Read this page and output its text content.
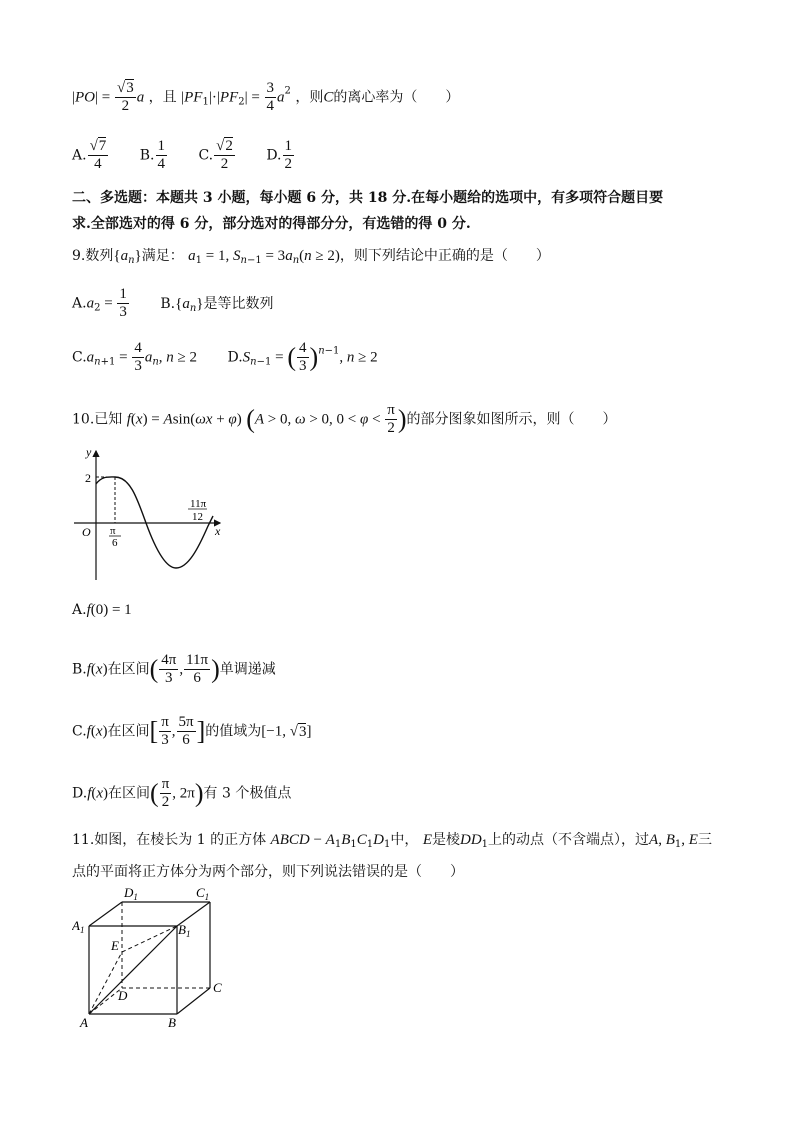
$|PO| = \frac{√3}{2}$ a ，且 $|PF_1|\cdot|PF_2| = \frac{3}{4} a^2$ ，则C的离心率为（　　）
A. $\frac{√7}{4} B$. $\frac{1}{4} C$. $\frac{√2}{2} D$. $\frac{1}{2}$
二、多选题：本题共 3 小题，每小题 6 分，共 18 分.在每小题给的选项中，有多项符合题目要
求.全部选对的得 6 分，部分选对的得部分分，有选错的得 0 分.
9.数列$\{a_n\}$满足： $a_1 = 1$, $S_{n-1} = 3a_n(n \ge 2)$，则下列结论中正确的是（　　）
$A.a_2 = \frac{1}{3} B.\{a_n\}$是等比数列
$C.a_{n+1} = \frac{4}{3} a_n$, n ≥ 2 $D.S_{n-1}$ = ( $\frac{4}{3} )^{n-1}$, n ≥ 2
10.已知 f(x) = Asin(ωx + φ) (A > 0, ω > 0, $0 < \varphi < \frac{\pi}{2}$ )的部分图象如图所示，则（　　）
y
x
O
2
π
6
11π
12
A.f(0) = 1
B.f(x)在区间( $\frac{4\pi}{3}$ , $\frac{11\pi}{6}$ )单调递减
C.f(x)在区间[ $\frac{\pi}{3}$ , $\frac{5\pi}{6}$ ]的值域为[−1, √3]
D.f(x)在区间( $\frac{\pi}{2}$ , 2π)有 3 个极值点
11.如图，在棱长为 1 的正方体 ABCD − $A_1B_1C_1D_1$中， E是棱$DD_1$上的动点（不含端点），过A, $B_1$, E三
点的平面将正方体分为两个部分，则下列说法错误的是（　　）
$D_1$	$C_1$
$A_1$	$B_1$
E
D
C
A	B
